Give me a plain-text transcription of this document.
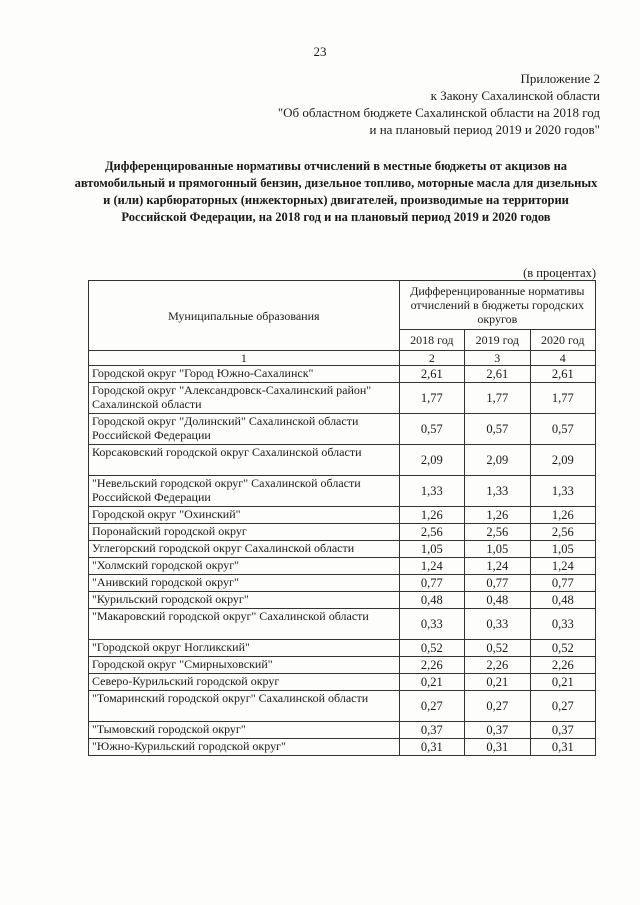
23
Приложение 2
к Закону Сахалинской области
"Об областном бюджете Сахалинской области на 2018 год
и на плановый период 2019 и 2020 годов"
Дифференцированные нормативы отчислений в местные бюджеты от акцизов на автомобильный и прямогонный бензин, дизельное топливо, моторные масла для дизельных и (или) карбюраторных (инжекторных) двигателей, производимые на территории Российской Федерации, на 2018 год и на плановый период 2019 и 2020 годов
(в процентах)
Муниципальные образования	Дифференцированные нормативы отчислений в бюджеты городских округов		
	2018 год	2019 год	2020 год
1	2	3	4
Городской округ "Город Южно-Сахалинск"	2,61	2,61	2,61
Городской округ "Александровск-Сахалинский район" Сахалинской области	1,77	1,77	1,77
Городской округ "Долинский" Сахалинской области Российской Федерации	0,57	0,57	0,57
Корсаковский городской округ Сахалинской области	2,09	2,09	2,09
"Невельский городской округ" Сахалинской области Российской Федерации	1,33	1,33	1,33
Городской округ "Охинский"	1,26	1,26	1,26
Поронайский городской округ	2,56	2,56	2,56
Углегорский городской округ Сахалинской области	1,05	1,05	1,05
"Холмский городской округ"	1,24	1,24	1,24
"Анивский городской округ"	0,77	0,77	0,77
"Курильский городской округ"	0,48	0,48	0,48
"Макаровский городской округ" Сахалинской области	0,33	0,33	0,33
"Городской округ Ногликский"	0,52	0,52	0,52
Городской округ "Смирныховский"	2,26	2,26	2,26
Северо-Курильский городской округ	0,21	0,21	0,21
"Томаринский городской округ" Сахалинской области	0,27	0,27	0,27
"Тымовский городской округ"	0,37	0,37	0,37
"Южно-Курильский городской округ"	0,31	0,31	0,31
